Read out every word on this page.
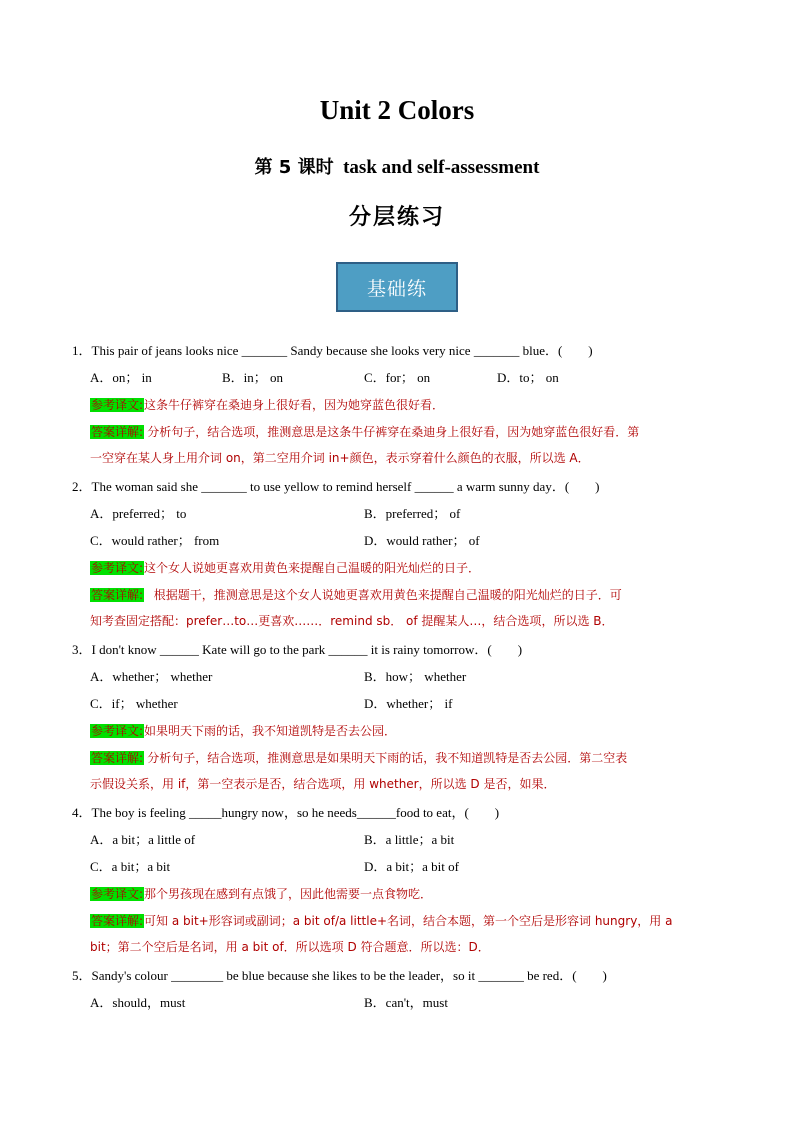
Unit 2 Colors
第 5 课时 task and self-assessment
分层练习
基础练
1．This pair of jeans looks nice _______ Sandy because she looks very nice _______ blue．(　　)
A．on； in	B．in； on	C．for； on	D．to； on
参考译文:这条牛仔裤穿在桑迪身上很好看，因为她穿蓝色很好看．
答案详解: 分析句子，结合选项，推测意思是这条牛仔裤穿在桑迪身上很好看，因为她穿蓝色很好看．第
一空穿在某人身上用介词 on，第二空用介词 in+颜色，表示穿着什么颜色的衣服，所以选 A．
2．The woman said she _______ to use yellow to remind herself ______ a warm sunny day．(　　)
A．preferred； to	B．preferred； of
C．would rather； from	D．would rather； of
参考译文:这个女人说她更喜欢用黄色来提醒自己温暖的阳光灿烂的日子．
答案详解: 根据题干，推测意思是这个女人说她更喜欢用黄色来提醒自己温暖的阳光灿烂的日子．可
知考查固定搭配：prefer…to…更喜欢……．remind sb． of 提醒某人…，结合选项，所以选 B．
3．I don't know ______ Kate will go to the park ______ it is rainy tomorrow．(　　)
A．whether； whether	B．how； whether
C．if； whether	D．whether； if
参考译文:如果明天下雨的话，我不知道凯特是否去公园．
答案详解: 分析句子，结合选项，推测意思是如果明天下雨的话，我不知道凯特是否去公园．第二空表
示假设关系，用 if，第一空表示是否，结合选项，用 whether，所以选 D 是否，如果．
4．The boy is feeling _____hungry now，so he needs______food to eat，(　　)
A．a bit；a little of	B．a little；a bit
C．a bit；a bit	D．a bit；a bit of
参考译文:那个男孩现在感到有点饿了，因此他需要一点食物吃．
答案详解:可知 a bit+形容词或副词；a bit of/a little+名词，结合本题，第一个空后是形容词 hungry，用 a
bit；第二个空后是名词，用 a bit of．所以选项 D 符合题意．所以选：D．
5．Sandy's colour ________ be blue because she likes to be the leader，so it _______ be red．(　　)
A．should，must	B．can't，must
